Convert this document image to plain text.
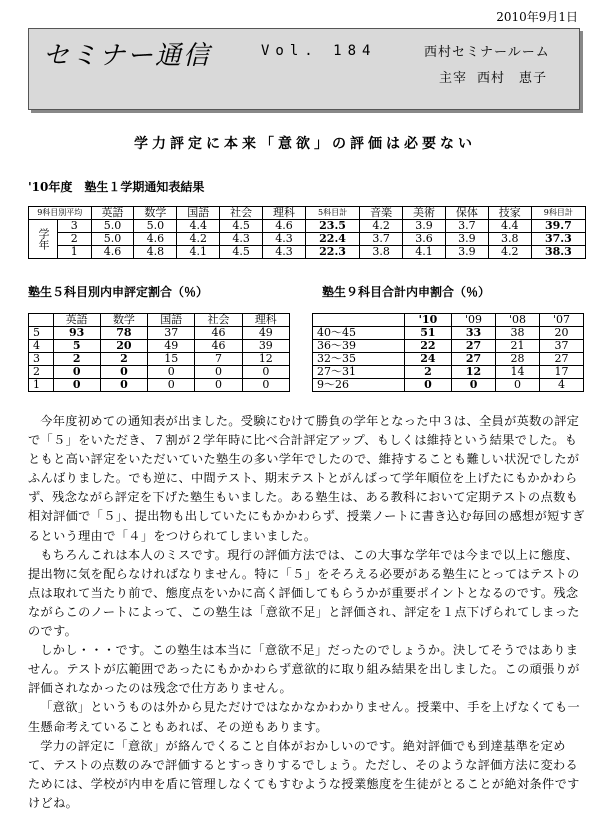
2010年9月1日
セミナー通信	Vol. 184	西村セミナールーム
主宰 西村　恵子
学力評定に本来「意欲」の評価は必要ない
'10年度　塾生１学期通知表結果
9科目別平均		英語	数学	国語	社会	理科	5科目計	音楽	美術	保体	技家	9科目計
学年	3	5.0	5.0	4.4	4.5	4.6	23.5	4.2	3.9	3.7	4.4	39.7
	2	5.0	4.6	4.2	4.3	4.3	22.4	3.7	3.6	3.9	3.8	37.3
	1	4.6	4.8	4.1	4.5	4.3	22.3	3.8	4.1	3.9	4.2	38.3
塾生５科目別内申評定割合（％）	塾生９科目合計内申割合（％）
	英語	数学	国語	社会	理科
5	93	78	37	46	49
4	5	20	49	46	39
3	2	2	15	7	12
2	0	0	0	0	0
1	0	0	0	0	0
	'10	'09	'08	'07
40～45	51	33	38	20
36～39	22	27	21	37
32～35	24	27	28	27
27～31	2	12	14	17
9～26	0	0	0	4

今年度初めての通知表が出ました。受験にむけて勝負の学年となった中３は、全員が英数の評定で「５」をいただき、７割が２学年時に比べ合計評定アップ、もしくは維持という結果でした。もともと高い評定をいただいていた塾生の多い学年でしたので、維持することも難しい状況でしたがふんばりました。でも逆に、中間テスト、期末テストとがんばって学年順位を上げたにもかかわらず、残念ながら評定を下げた塾生もいました。ある塾生は、ある教科において定期テストの点数も相対評価で「５」、提出物も出していたにもかかわらず、授業ノートに書き込む毎回の感想が短すぎるという理由で「４」をつけられてしまいました。

もちろんこれは本人のミスです。現行の評価方法では、この大事な学年では今まで以上に態度、提出物に気を配らなければなりません。特に「５」をそろえる必要がある塾生にとってはテストの点は取れて当たり前で、態度点をいかに高く評価してもらうかが重要ポイントとなるのです。残念ながらこのノートによって、この塾生は「意欲不足」と評価され、評定を１点下げられてしまったのです。

しかし・・・です。この塾生は本当に「意欲不足」だったのでしょうか。決してそうではありません。テストが広範囲であったにもかかわらず意欲的に取り組み結果を出しました。この頑張りが評価されなかったのは残念で仕方ありません。

「意欲」というものは外から見ただけではなかなかわかりません。授業中、手を上げなくても一生懸命考えていることもあれば、その逆もあります。

学力の評定に「意欲」が絡んでくること自体がおかしいのです。絶対評価でも到達基準を定めて、テストの点数のみで評価するとすっきりするでしょう。ただし、そのような評価方法に変わるためには、学校が内申を盾に管理しなくてもすむような授業態度を生徒がとることが絶対条件ですけどね。
